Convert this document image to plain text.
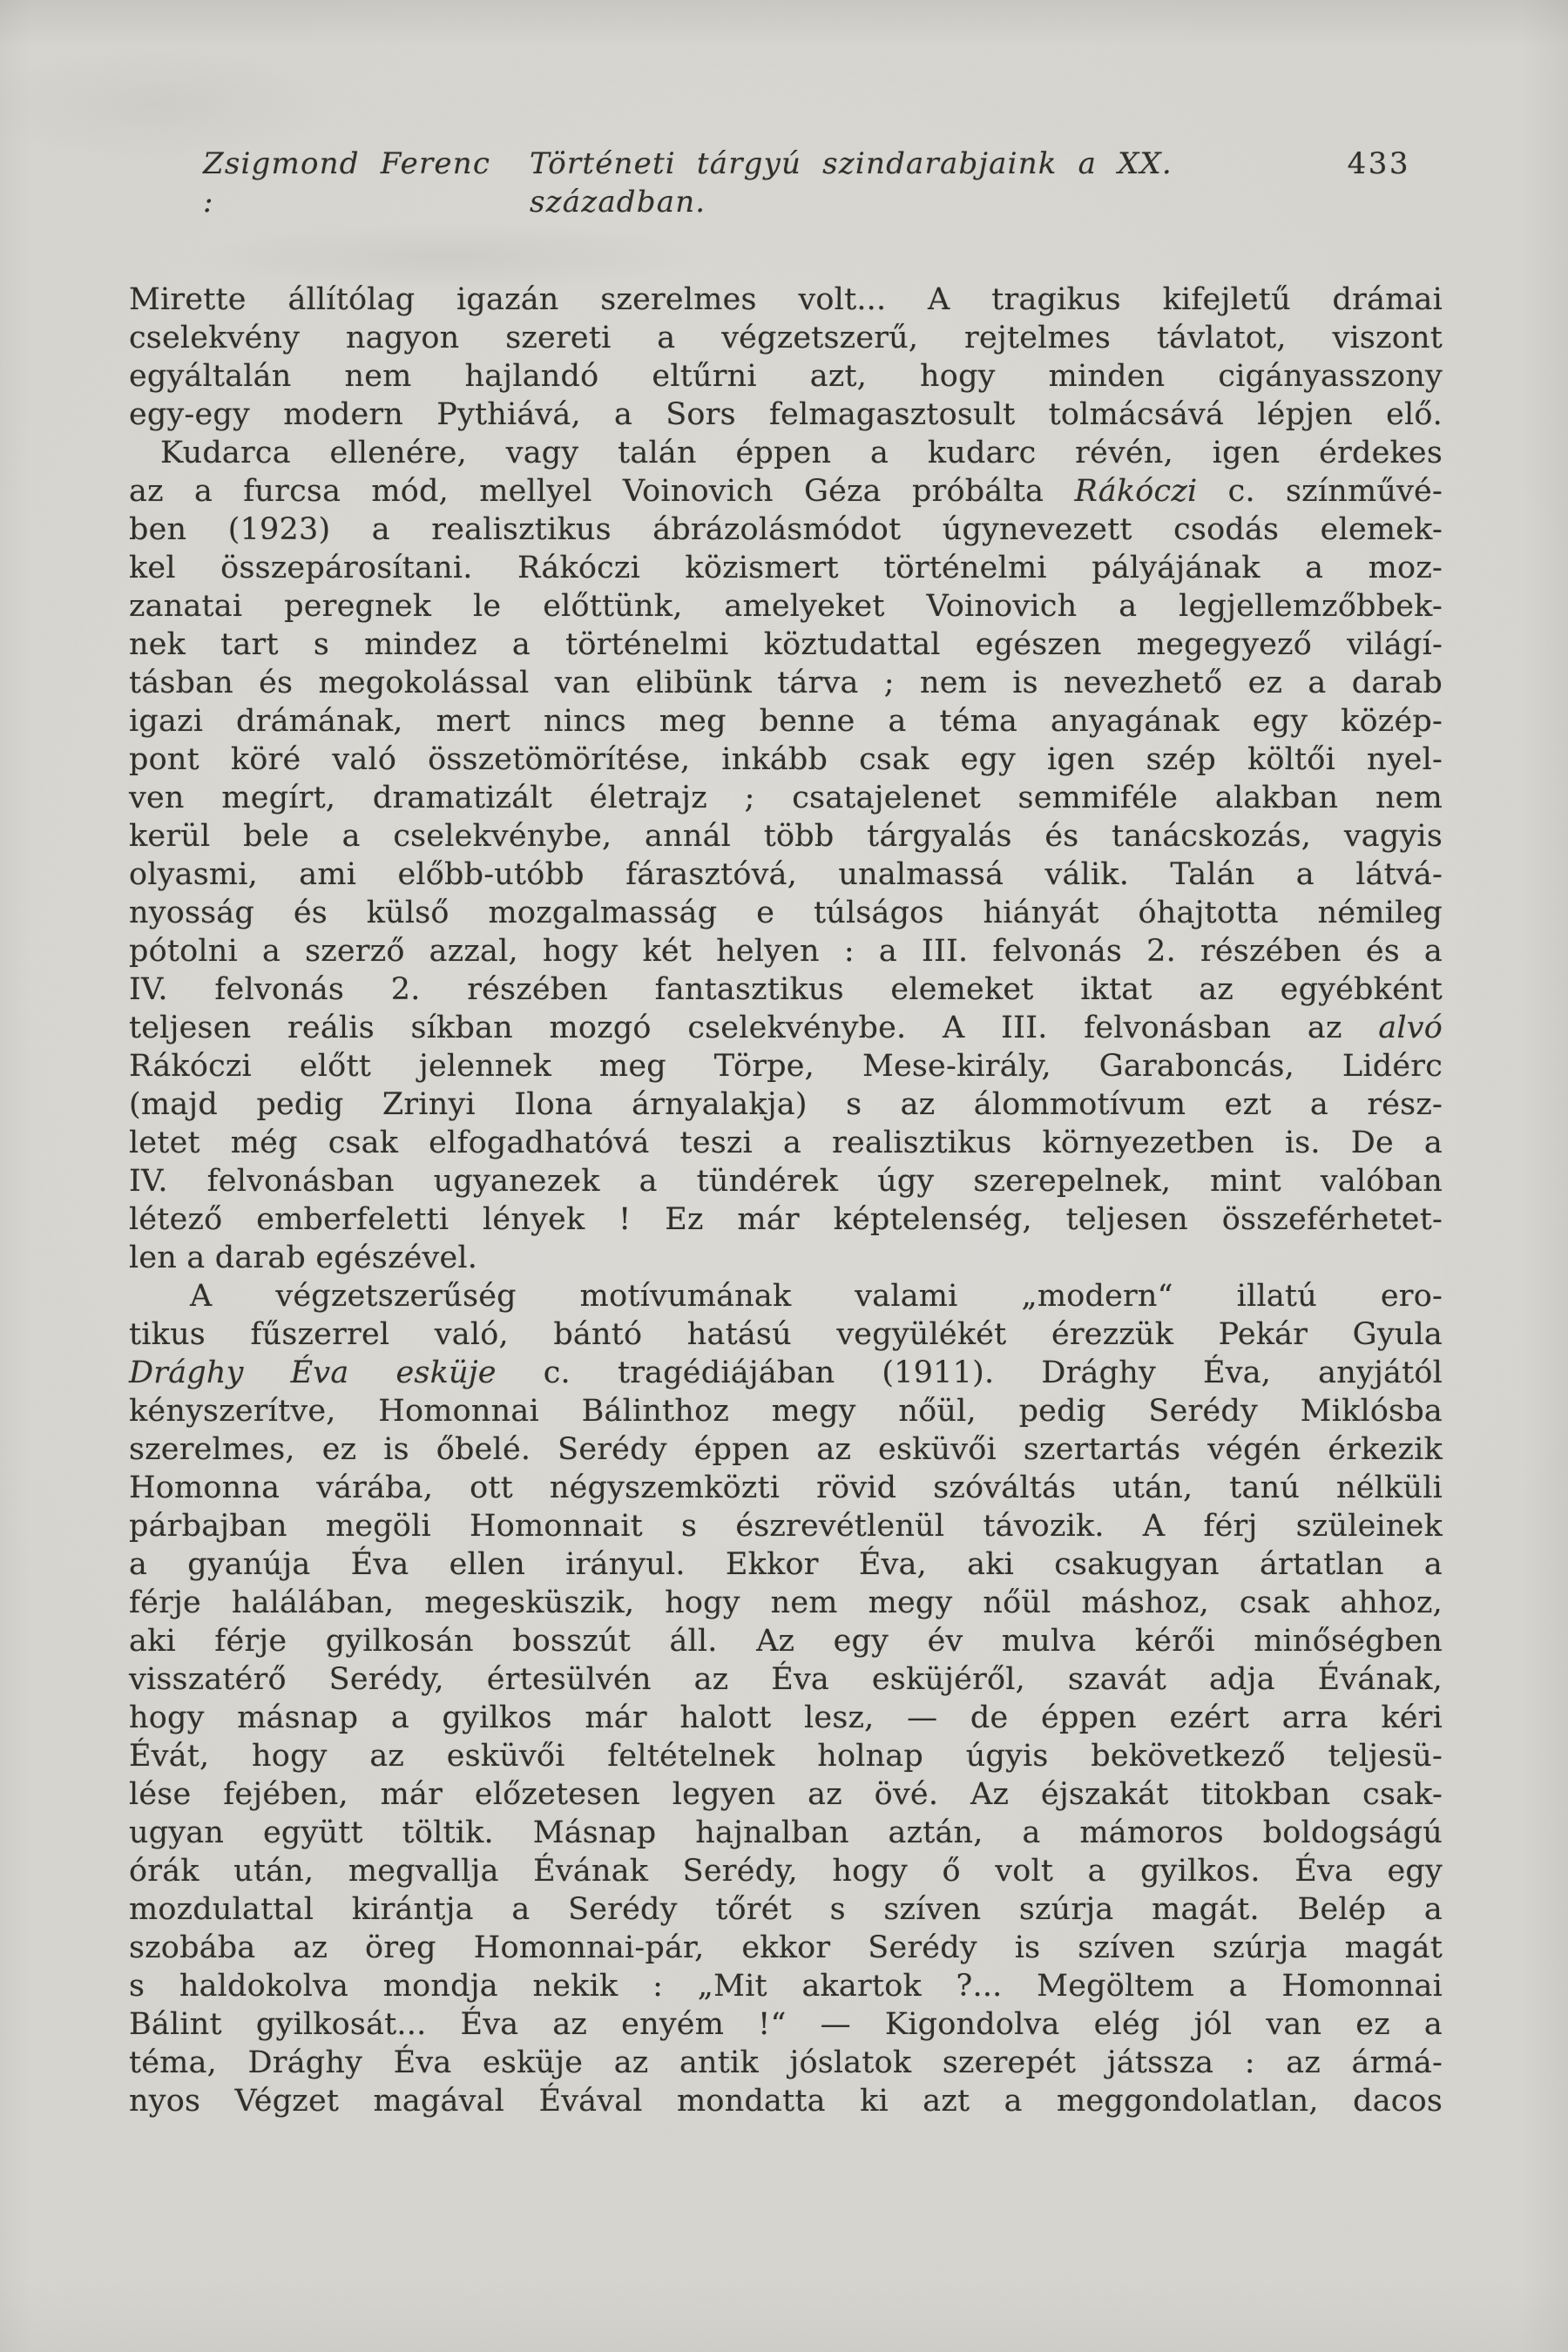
Zsigmond Ferenc :
Történeti tárgyú szindarabjaink a XX. században.
433
Mirette állítólag igazán szerelmes volt... A tragikus kifejletű drámai
cselekvény nagyon szereti a végzetszerű, rejtelmes távlatot, viszont
egyáltalán nem hajlandó eltűrni azt, hogy minden cigányasszony
egy-egy modern Pythiává, a Sors felmagasztosult tolmácsává lépjen elő.
Kudarca ellenére, vagy talán éppen a kudarc révén, igen érdekes
az a furcsa mód, mellyel Voinovich Géza próbálta Rákóczi c. színművé-
ben (1923) a realisztikus ábrázolásmódot úgynevezett csodás elemek-
kel összepárosítani. Rákóczi közismert történelmi pályájának a moz-
zanatai peregnek le előttünk, amelyeket Voinovich a legjellemzőbbek-
nek tart s mindez a történelmi köztudattal egészen megegyező világí-
tásban és megokolással van elibünk tárva ; nem is nevezhető ez a darab
igazi drámának, mert nincs meg benne a téma anyagának egy közép-
pont köré való összetömörítése, inkább csak egy igen szép költői nyel-
ven megírt, dramatizált életrajz ; csatajelenet semmiféle alakban nem
kerül bele a cselekvénybe, annál több tárgyalás és tanácskozás, vagyis
olyasmi, ami előbb-utóbb fárasztóvá, unalmassá válik. Talán a látvá-
nyosság és külső mozgalmasság e túlságos hiányát óhajtotta némileg
pótolni a szerző azzal, hogy két helyen : a III. felvonás 2. részében és a
IV. felvonás 2. részében fantasztikus elemeket iktat az egyébként
teljesen reális síkban mozgó cselekvénybe. A III. felvonásban az alvó
Rákóczi előtt jelennek meg Törpe, Mese-király, Garaboncás, Lidérc
(majd pedig Zrinyi Ilona árnyalakja) s az álommotívum ezt a rész-
letet még csak elfogadhatóvá teszi a realisztikus környezetben is. De a
IV. felvonásban ugyanezek a tündérek úgy szerepelnek, mint valóban
létező emberfeletti lények ! Ez már képtelenség, teljesen összeférhetet-
len a darab egészével.
A végzetszerűség motívumának valami „modern“ illatú ero-
tikus fűszerrel való, bántó hatású vegyülékét érezzük Pekár Gyula
Drághy Éva esküje c. tragédiájában (1911). Drághy Éva, anyjától
kényszerítve, Homonnai Bálinthoz megy nőül, pedig Serédy Miklósba
szerelmes, ez is őbelé. Serédy éppen az esküvői szertartás végén érkezik
Homonna várába, ott négyszemközti rövid szóváltás után, tanú nélküli
párbajban megöli Homonnait s észrevétlenül távozik. A férj szüleinek
a gyanúja Éva ellen irányul. Ekkor Éva, aki csakugyan ártatlan a
férje halálában, megesküszik, hogy nem megy nőül máshoz, csak ahhoz,
aki férje gyilkosán bosszút áll. Az egy év mulva kérői minőségben
visszatérő Serédy, értesülvén az Éva esküjéről, szavát adja Évának,
hogy másnap a gyilkos már halott lesz, — de éppen ezért arra kéri
Évát, hogy az esküvői feltételnek holnap úgyis bekövetkező teljesü-
lése fejében, már előzetesen legyen az övé. Az éjszakát titokban csak-
ugyan együtt töltik. Másnap hajnalban aztán, a mámoros boldogságú
órák után, megvallja Évának Serédy, hogy ő volt a gyilkos. Éva egy
mozdulattal kirántja a Serédy tőrét s szíven szúrja magát. Belép a
szobába az öreg Homonnai-pár, ekkor Serédy is szíven szúrja magát
s haldokolva mondja nekik : „Mit akartok ?... Megöltem a Homonnai
Bálint gyilkosát... Éva az enyém !“ — Kigondolva elég jól van ez a
téma, Drághy Éva esküje az antik jóslatok szerepét játssza : az ármá-
nyos Végzet magával Évával mondatta ki azt a meggondolatlan, dacos
